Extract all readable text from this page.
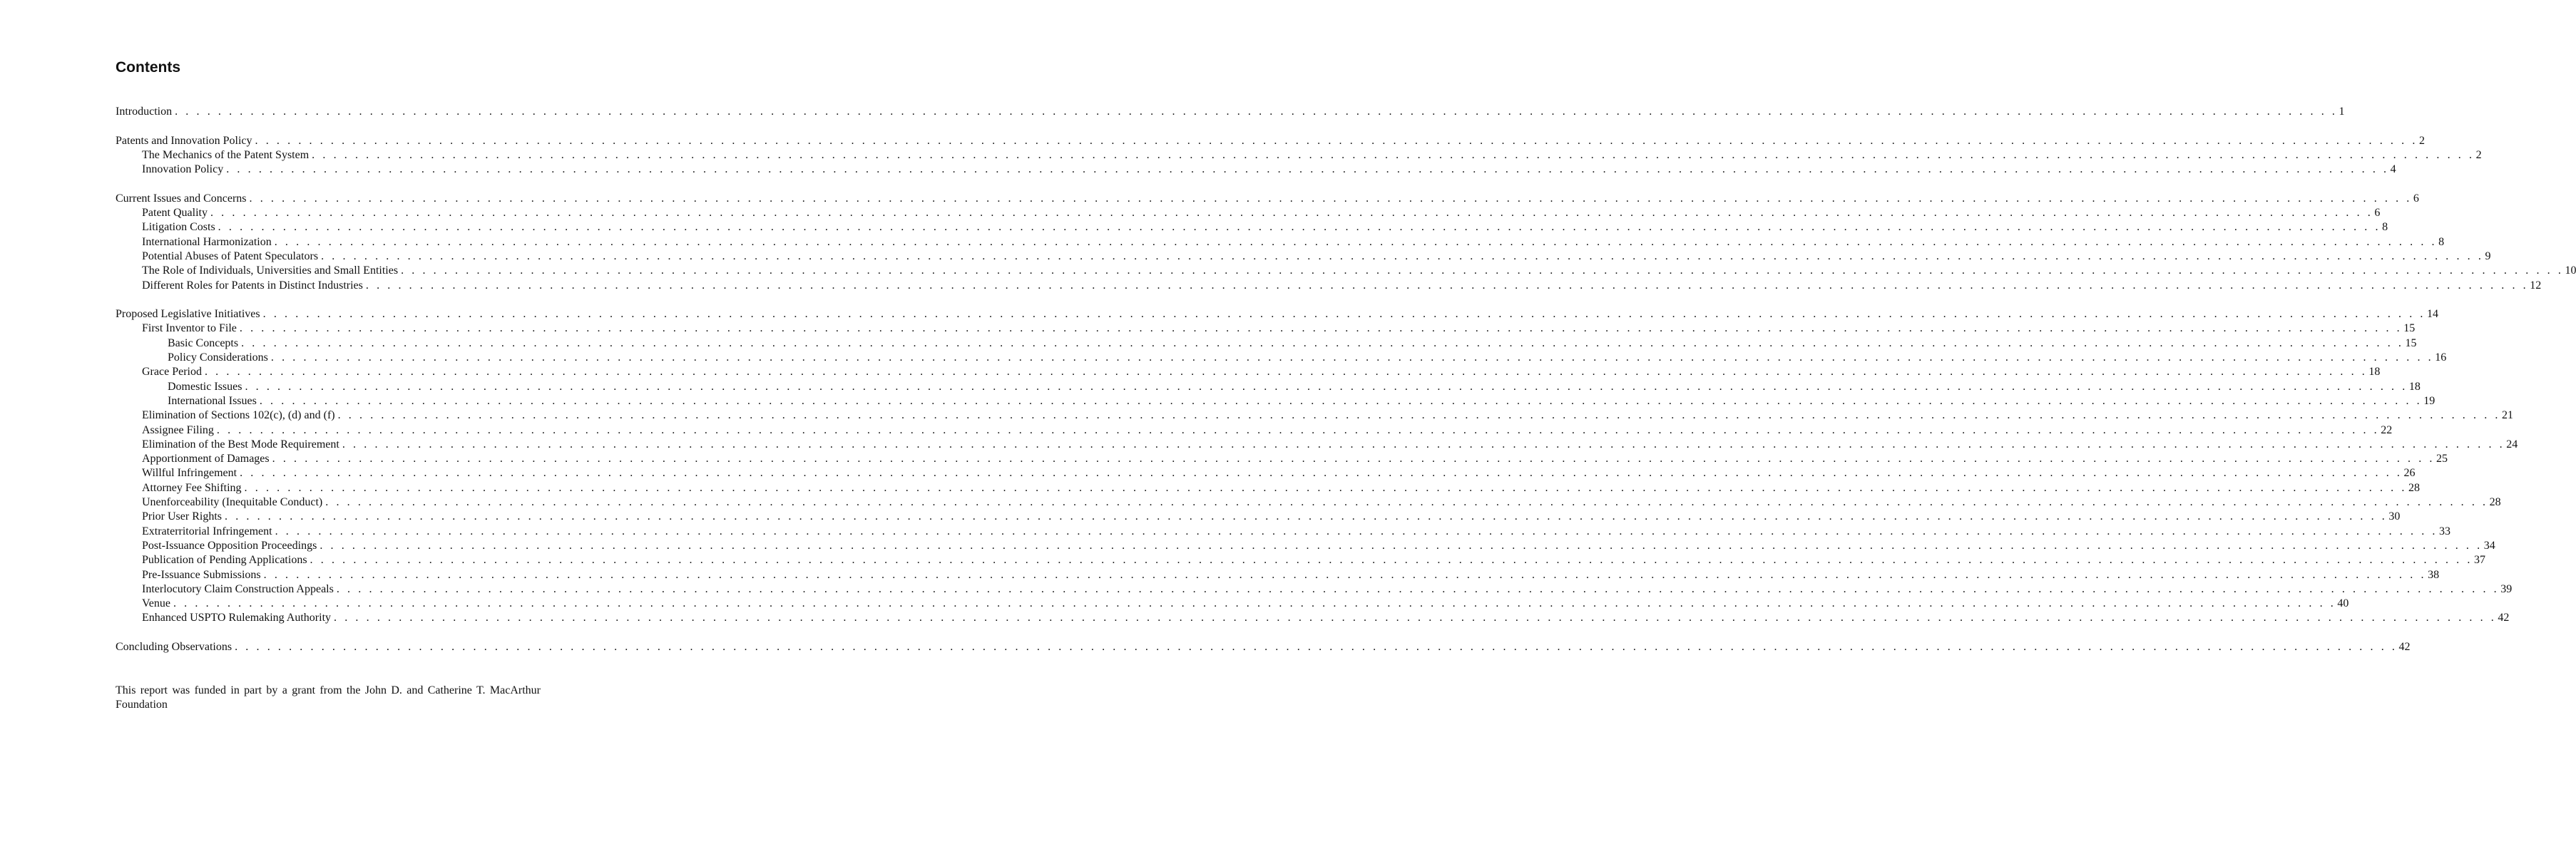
Contents
Introduction . . . . . . . . . . . . . . . . . . . . . . . . . . . . . . . . . . . . . . . . . . . . . . . . . . . . . . . . . . . . . . . . . . . . . . . . . . . . . . . . . . . . . . . . . . . . . . . . . . . . . . . . . . . . . . . . . . . . . . . . . . . . . . . . . . . . . . . . . . . . . . . . . . . . . . . . . . . . . . . . . . . . . . . . . . . . . . . . . . . . . . . . . . . . . . . . . . . . . . . . 1
Patents and Innovation Policy . . . . . . . . . . . . . . . . . . . . . . . . . . . . . . . . . . . . . . . . . . . . . . . . . . . . . . . . . . . . . . . . . . . . . . . . . . . . . . . . . . . . . . . . . . . . . . . . . . . . . . . . . . . . . . . . . . . . . . . . . . . . . . . . . . . . . . . . . . . . . . . . . . . . . . . . . . . . . . . . . . . . . . . . . . . . . . . . . . . . . . . . . . . . . . . . . . . . . . . . 2
The Mechanics of the Patent System . . . . . . . . . . . . . . . . . . . . . . . . . . . . . . . . . . . . . . . . . . . . . . . . . . . . . . . . . . . . . . . . . . . . . . . . . . . . . . . . . . . . . . . . . . . . . . . . . . . . . . . . . . . . . . . . . . . . . . . . . . . . . . . . . . . . . . . . . . . . . . . . . . . . . . . . . . . . . . . . . . . . . . . . . . . . . . . . . . . . . . . . . . . . . . . . . . . . . . . . 2
Innovation Policy . . . . . . . . . . . . . . . . . . . . . . . . . . . . . . . . . . . . . . . . . . . . . . . . . . . . . . . . . . . . . . . . . . . . . . . . . . . . . . . . . . . . . . . . . . . . . . . . . . . . . . . . . . . . . . . . . . . . . . . . . . . . . . . . . . . . . . . . . . . . . . . . . . . . . . . . . . . . . . . . . . . . . . . . . . . . . . . . . . . . . . . . . . . . . . . . . . . . . . . . 4
Current Issues and Concerns . . . . . . . . . . . . . . . . . . . . . . . . . . . . . . . . . . . . . . . . . . . . . . . . . . . . . . . . . . . . . . . . . . . . . . . . . . . . . . . . . . . . . . . . . . . . . . . . . . . . . . . . . . . . . . . . . . . . . . . . . . . . . . . . . . . . . . . . . . . . . . . . . . . . . . . . . . . . . . . . . . . . . . . . . . . . . . . . . . . . . . . . . . . . . . . . . . . . . . . . 6
Patent Quality . . . . . . . . . . . . . . . . . . . . . . . . . . . . . . . . . . . . . . . . . . . . . . . . . . . . . . . . . . . . . . . . . . . . . . . . . . . . . . . . . . . . . . . . . . . . . . . . . . . . . . . . . . . . . . . . . . . . . . . . . . . . . . . . . . . . . . . . . . . . . . . . . . . . . . . . . . . . . . . . . . . . . . . . . . . . . . . . . . . . . . . . . . . . . . . . . . . . . . . . 6
Litigation Costs . . . . . . . . . . . . . . . . . . . . . . . . . . . . . . . . . . . . . . . . . . . . . . . . . . . . . . . . . . . . . . . . . . . . . . . . . . . . . . . . . . . . . . . . . . . . . . . . . . . . . . . . . . . . . . . . . . . . . . . . . . . . . . . . . . . . . . . . . . . . . . . . . . . . . . . . . . . . . . . . . . . . . . . . . . . . . . . . . . . . . . . . . . . . . . . . . . . . . . . . 8
International Harmonization . . . . . . . . . . . . . . . . . . . . . . . . . . . . . . . . . . . . . . . . . . . . . . . . . . . . . . . . . . . . . . . . . . . . . . . . . . . . . . . . . . . . . . . . . . . . . . . . . . . . . . . . . . . . . . . . . . . . . . . . . . . . . . . . . . . . . . . . . . . . . . . . . . . . . . . . . . . . . . . . . . . . . . . . . . . . . . . . . . . . . . . . . . . . . . . . . . . . . . . . 8
Potential Abuses of Patent Speculators . . . . . . . . . . . . . . . . . . . . . . . . . . . . . . . . . . . . . . . . . . . . . . . . . . . . . . . . . . . . . . . . . . . . . . . . . . . . . . . . . . . . . . . . . . . . . . . . . . . . . . . . . . . . . . . . . . . . . . . . . . . . . . . . . . . . . . . . . . . . . . . . . . . . . . . . . . . . . . . . . . . . . . . . . . . . . . . . . . . . . . . . . . . . . . . . . . . . . . . . 9
The Role of Individuals, Universities and Small Entities . . . . . . . . . . . . . . . . . . . . . . . . . . . . . . . . . . . . . . . . . . . . . . . . . . . . . . . . . . . . . . . . . . . . . . . . . . . . . . . . . . . . . . . . . . . . . . . . . . . . . . . . . . . . . . . . . . . . . . . . . . . . . . . . . . . . . . . . . . . . . . . . . . . . . . . . . . . . . . . . . . . . . . . . . . . . . . . . . . . . . . . . . . . . . . . . . . . . . . . . 10
Different Roles for Patents in Distinct Industries . . . . . . . . . . . . . . . . . . . . . . . . . . . . . . . . . . . . . . . . . . . . . . . . . . . . . . . . . . . . . . . . . . . . . . . . . . . . . . . . . . . . . . . . . . . . . . . . . . . . . . . . . . . . . . . . . . . . . . . . . . . . . . . . . . . . . . . . . . . . . . . . . . . . . . . . . . . . . . . . . . . . . . . . . . . . . . . . . . . . . . . . . . . . . . . . . . . . . . . . 12
Proposed Legislative Initiatives . . . . . . . . . . . . . . . . . . . . . . . . . . . . . . . . . . . . . . . . . . . . . . . . . . . . . . . . . . . . . . . . . . . . . . . . . . . . . . . . . . . . . . . . . . . . . . . . . . . . . . . . . . . . . . . . . . . . . . . . . . . . . . . . . . . . . . . . . . . . . . . . . . . . . . . . . . . . . . . . . . . . . . . . . . . . . . . . . . . . . . . . . . . . . . . . . . . . . . . . 14
First Inventor to File . . . . . . . . . . . . . . . . . . . . . . . . . . . . . . . . . . . . . . . . . . . . . . . . . . . . . . . . . . . . . . . . . . . . . . . . . . . . . . . . . . . . . . . . . . . . . . . . . . . . . . . . . . . . . . . . . . . . . . . . . . . . . . . . . . . . . . . . . . . . . . . . . . . . . . . . . . . . . . . . . . . . . . . . . . . . . . . . . . . . . . . . . . . . . . . . . . . . . . . . 15
Basic Concepts . . . . . . . . . . . . . . . . . . . . . . . . . . . . . . . . . . . . . . . . . . . . . . . . . . . . . . . . . . . . . . . . . . . . . . . . . . . . . . . . . . . . . . . . . . . . . . . . . . . . . . . . . . . . . . . . . . . . . . . . . . . . . . . . . . . . . . . . . . . . . . . . . . . . . . . . . . . . . . . . . . . . . . . . . . . . . . . . . . . . . . . . . . . . . . . . . . . . . . . . 15
Policy Considerations . . . . . . . . . . . . . . . . . . . . . . . . . . . . . . . . . . . . . . . . . . . . . . . . . . . . . . . . . . . . . . . . . . . . . . . . . . . . . . . . . . . . . . . . . . . . . . . . . . . . . . . . . . . . . . . . . . . . . . . . . . . . . . . . . . . . . . . . . . . . . . . . . . . . . . . . . . . . . . . . . . . . . . . . . . . . . . . . . . . . . . . . . . . . . . . . . . . . . . . . 16
Grace Period . . . . . . . . . . . . . . . . . . . . . . . . . . . . . . . . . . . . . . . . . . . . . . . . . . . . . . . . . . . . . . . . . . . . . . . . . . . . . . . . . . . . . . . . . . . . . . . . . . . . . . . . . . . . . . . . . . . . . . . . . . . . . . . . . . . . . . . . . . . . . . . . . . . . . . . . . . . . . . . . . . . . . . . . . . . . . . . . . . . . . . . . . . . . . . . . . . . . . . . . 18
Domestic Issues . . . . . . . . . . . . . . . . . . . . . . . . . . . . . . . . . . . . . . . . . . . . . . . . . . . . . . . . . . . . . . . . . . . . . . . . . . . . . . . . . . . . . . . . . . . . . . . . . . . . . . . . . . . . . . . . . . . . . . . . . . . . . . . . . . . . . . . . . . . . . . . . . . . . . . . . . . . . . . . . . . . . . . . . . . . . . . . . . . . . . . . . . . . . . . . . . . . . . . . . 18
International Issues . . . . . . . . . . . . . . . . . . . . . . . . . . . . . . . . . . . . . . . . . . . . . . . . . . . . . . . . . . . . . . . . . . . . . . . . . . . . . . . . . . . . . . . . . . . . . . . . . . . . . . . . . . . . . . . . . . . . . . . . . . . . . . . . . . . . . . . . . . . . . . . . . . . . . . . . . . . . . . . . . . . . . . . . . . . . . . . . . . . . . . . . . . . . . . . . . . . . . . . . 19
Elimination of Sections 102(c), (d) and (f) . . . . . . . . . . . . . . . . . . . . . . . . . . . . . . . . . . . . . . . . . . . . . . . . . . . . . . . . . . . . . . . . . . . . . . . . . . . . . . . . . . . . . . . . . . . . . . . . . . . . . . . . . . . . . . . . . . . . . . . . . . . . . . . . . . . . . . . . . . . . . . . . . . . . . . . . . . . . . . . . . . . . . . . . . . . . . . . . . . . . . . . . . . . . . . . . . . . . . . . . 21
Assignee Filing . . . . . . . . . . . . . . . . . . . . . . . . . . . . . . . . . . . . . . . . . . . . . . . . . . . . . . . . . . . . . . . . . . . . . . . . . . . . . . . . . . . . . . . . . . . . . . . . . . . . . . . . . . . . . . . . . . . . . . . . . . . . . . . . . . . . . . . . . . . . . . . . . . . . . . . . . . . . . . . . . . . . . . . . . . . . . . . . . . . . . . . . . . . . . . . . . . . . . . . . 22
Elimination of the Best Mode Requirement . . . . . . . . . . . . . . . . . . . . . . . . . . . . . . . . . . . . . . . . . . . . . . . . . . . . . . . . . . . . . . . . . . . . . . . . . . . . . . . . . . . . . . . . . . . . . . . . . . . . . . . . . . . . . . . . . . . . . . . . . . . . . . . . . . . . . . . . . . . . . . . . . . . . . . . . . . . . . . . . . . . . . . . . . . . . . . . . . . . . . . . . . . . . . . . . . . . . . . . . 24
Apportionment of Damages . . . . . . . . . . . . . . . . . . . . . . . . . . . . . . . . . . . . . . . . . . . . . . . . . . . . . . . . . . . . . . . . . . . . . . . . . . . . . . . . . . . . . . . . . . . . . . . . . . . . . . . . . . . . . . . . . . . . . . . . . . . . . . . . . . . . . . . . . . . . . . . . . . . . . . . . . . . . . . . . . . . . . . . . . . . . . . . . . . . . . . . . . . . . . . . . . . . . . . . . 25
Willful Infringement . . . . . . . . . . . . . . . . . . . . . . . . . . . . . . . . . . . . . . . . . . . . . . . . . . . . . . . . . . . . . . . . . . . . . . . . . . . . . . . . . . . . . . . . . . . . . . . . . . . . . . . . . . . . . . . . . . . . . . . . . . . . . . . . . . . . . . . . . . . . . . . . . . . . . . . . . . . . . . . . . . . . . . . . . . . . . . . . . . . . . . . . . . . . . . . . . . . . . . . . 26
Attorney Fee Shifting . . . . . . . . . . . . . . . . . . . . . . . . . . . . . . . . . . . . . . . . . . . . . . . . . . . . . . . . . . . . . . . . . . . . . . . . . . . . . . . . . . . . . . . . . . . . . . . . . . . . . . . . . . . . . . . . . . . . . . . . . . . . . . . . . . . . . . . . . . . . . . . . . . . . . . . . . . . . . . . . . . . . . . . . . . . . . . . . . . . . . . . . . . . . . . . . . . . . . . . . 28
Unenforceability (Inequitable Conduct) . . . . . . . . . . . . . . . . . . . . . . . . . . . . . . . . . . . . . . . . . . . . . . . . . . . . . . . . . . . . . . . . . . . . . . . . . . . . . . . . . . . . . . . . . . . . . . . . . . . . . . . . . . . . . . . . . . . . . . . . . . . . . . . . . . . . . . . . . . . . . . . . . . . . . . . . . . . . . . . . . . . . . . . . . . . . . . . . . . . . . . . . . . . . . . . . . . . . . . . . 28
Prior User Rights . . . . . . . . . . . . . . . . . . . . . . . . . . . . . . . . . . . . . . . . . . . . . . . . . . . . . . . . . . . . . . . . . . . . . . . . . . . . . . . . . . . . . . . . . . . . . . . . . . . . . . . . . . . . . . . . . . . . . . . . . . . . . . . . . . . . . . . . . . . . . . . . . . . . . . . . . . . . . . . . . . . . . . . . . . . . . . . . . . . . . . . . . . . . . . . . . . . . . . . . 30
Extraterritorial Infringement . . . . . . . . . . . . . . . . . . . . . . . . . . . . . . . . . . . . . . . . . . . . . . . . . . . . . . . . . . . . . . . . . . . . . . . . . . . . . . . . . . . . . . . . . . . . . . . . . . . . . . . . . . . . . . . . . . . . . . . . . . . . . . . . . . . . . . . . . . . . . . . . . . . . . . . . . . . . . . . . . . . . . . . . . . . . . . . . . . . . . . . . . . . . . . . . . . . . . . . . 33
Post-Issuance Opposition Proceedings . . . . . . . . . . . . . . . . . . . . . . . . . . . . . . . . . . . . . . . . . . . . . . . . . . . . . . . . . . . . . . . . . . . . . . . . . . . . . . . . . . . . . . . . . . . . . . . . . . . . . . . . . . . . . . . . . . . . . . . . . . . . . . . . . . . . . . . . . . . . . . . . . . . . . . . . . . . . . . . . . . . . . . . . . . . . . . . . . . . . . . . . . . . . . . . . . . . . . . . . 34
Publication of Pending Applications . . . . . . . . . . . . . . . . . . . . . . . . . . . . . . . . . . . . . . . . . . . . . . . . . . . . . . . . . . . . . . . . . . . . . . . . . . . . . . . . . . . . . . . . . . . . . . . . . . . . . . . . . . . . . . . . . . . . . . . . . . . . . . . . . . . . . . . . . . . . . . . . . . . . . . . . . . . . . . . . . . . . . . . . . . . . . . . . . . . . . . . . . . . . . . . . . . . . . . . . 37
Pre-Issuance Submissions . . . . . . . . . . . . . . . . . . . . . . . . . . . . . . . . . . . . . . . . . . . . . . . . . . . . . . . . . . . . . . . . . . . . . . . . . . . . . . . . . . . . . . . . . . . . . . . . . . . . . . . . . . . . . . . . . . . . . . . . . . . . . . . . . . . . . . . . . . . . . . . . . . . . . . . . . . . . . . . . . . . . . . . . . . . . . . . . . . . . . . . . . . . . . . . . . . . . . . . . 38
Interlocutory Claim Construction Appeals . . . . . . . . . . . . . . . . . . . . . . . . . . . . . . . . . . . . . . . . . . . . . . . . . . . . . . . . . . . . . . . . . . . . . . . . . . . . . . . . . . . . . . . . . . . . . . . . . . . . . . . . . . . . . . . . . . . . . . . . . . . . . . . . . . . . . . . . . . . . . . . . . . . . . . . . . . . . . . . . . . . . . . . . . . . . . . . . . . . . . . . . . . . . . . . . . . . . . . . . 39
Venue . . . . . . . . . . . . . . . . . . . . . . . . . . . . . . . . . . . . . . . . . . . . . . . . . . . . . . . . . . . . . . . . . . . . . . . . . . . . . . . . . . . . . . . . . . . . . . . . . . . . . . . . . . . . . . . . . . . . . . . . . . . . . . . . . . . . . . . . . . . . . . . . . . . . . . . . . . . . . . . . . . . . . . . . . . . . . . . . . . . . . . . . . . . . . . . . . . . . . . . . 40
Enhanced USPTO Rulemaking Authority . . . . . . . . . . . . . . . . . . . . . . . . . . . . . . . . . . . . . . . . . . . . . . . . . . . . . . . . . . . . . . . . . . . . . . . . . . . . . . . . . . . . . . . . . . . . . . . . . . . . . . . . . . . . . . . . . . . . . . . . . . . . . . . . . . . . . . . . . . . . . . . . . . . . . . . . . . . . . . . . . . . . . . . . . . . . . . . . . . . . . . . . . . . . . . . . . . . . . . . . 42
Concluding Observations . . . . . . . . . . . . . . . . . . . . . . . . . . . . . . . . . . . . . . . . . . . . . . . . . . . . . . . . . . . . . . . . . . . . . . . . . . . . . . . . . . . . . . . . . . . . . . . . . . . . . . . . . . . . . . . . . . . . . . . . . . . . . . . . . . . . . . . . . . . . . . . . . . . . . . . . . . . . . . . . . . . . . . . . . . . . . . . . . . . . . . . . . . . . . . . . . . . . . . . . 42

This report was funded in part by a grant from the John D. and Catherine T. MacArthur Foundation
